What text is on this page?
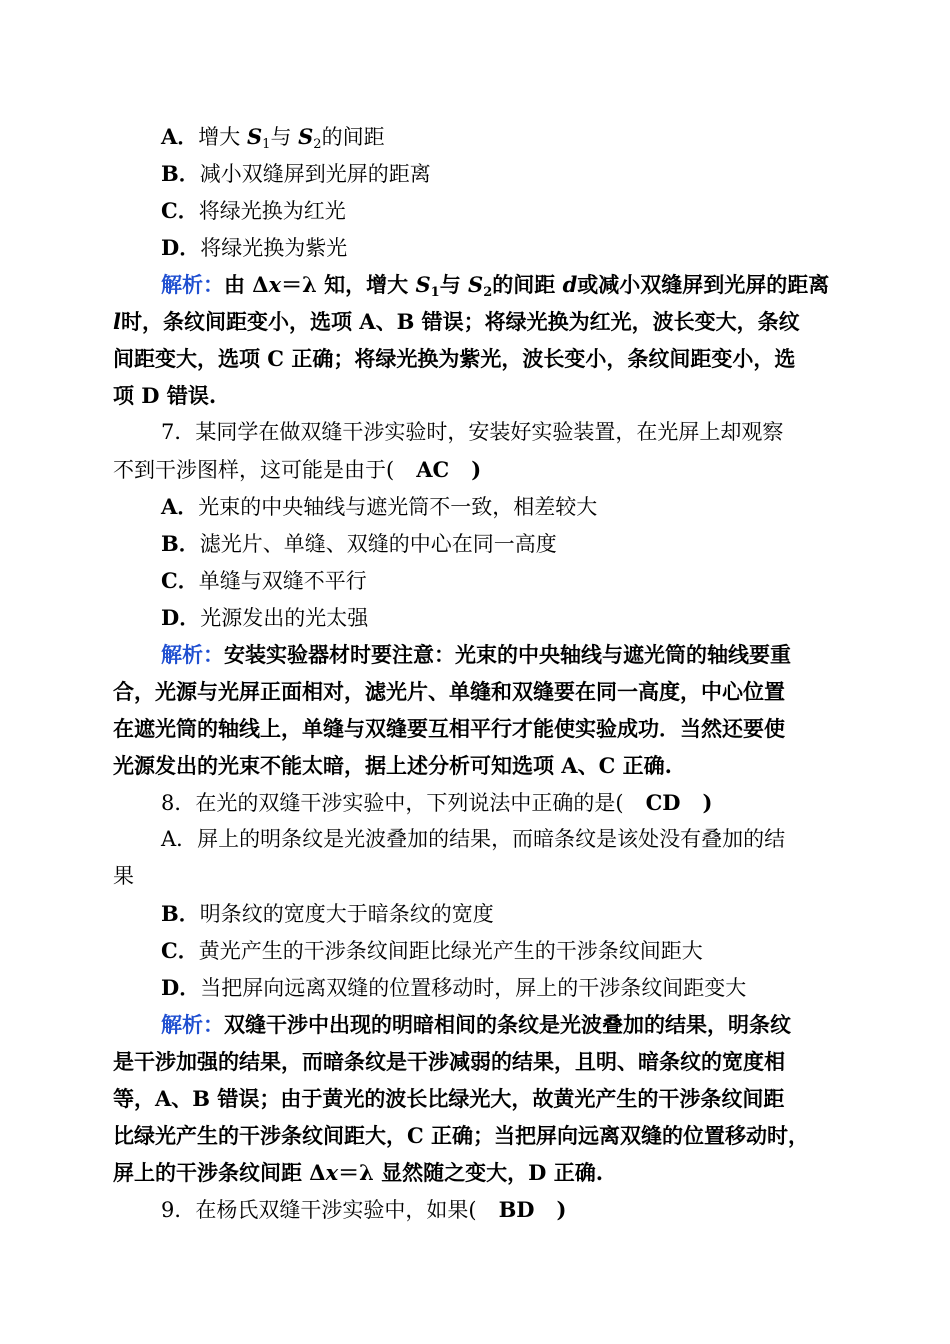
A．增大 $S_1$与 $S_2$的间距
B．减小双缝屏到光屏的距离
C．将绿光换为红光
D．将绿光换为紫光
解析：由 Δx＝λ 知，增大 $S_1$与 $S_2$的间距 d或减小双缝屏到光屏的距离
l时，条纹间距变小，选项 A、B 错误；将绿光换为红光，波长变大，条纹
间距变大，选项 C 正确；将绿光换为紫光，波长变小，条纹间距变小，选
项 D 错误.
7．某同学在做双缝干涉实验时，安装好实验装置，在光屏上却观察
不到干涉图样，这可能是由于( AC )
A．光束的中央轴线与遮光筒不一致，相差较大
B．滤光片、单缝、双缝的中心在同一高度
C．单缝与双缝不平行
D．光源发出的光太强
解析：安装实验器材时要注意：光束的中央轴线与遮光筒的轴线要重
合，光源与光屏正面相对，滤光片、单缝和双缝要在同一高度，中心位置
在遮光筒的轴线上，单缝与双缝要互相平行才能使实验成功．当然还要使
光源发出的光束不能太暗，据上述分析可知选项 A、C 正确.
8．在光的双缝干涉实验中，下列说法中正确的是( CD )
A．屏上的明条纹是光波叠加的结果，而暗条纹是该处没有叠加的结
果
B．明条纹的宽度大于暗条纹的宽度
C．黄光产生的干涉条纹间距比绿光产生的干涉条纹间距大
D．当把屏向远离双缝的位置移动时，屏上的干涉条纹间距变大
解析：双缝干涉中出现的明暗相间的条纹是光波叠加的结果，明条纹
是干涉加强的结果，而暗条纹是干涉减弱的结果，且明、暗条纹的宽度相
等，A、B 错误；由于黄光的波长比绿光大，故黄光产生的干涉条纹间距
比绿光产生的干涉条纹间距大，C 正确；当把屏向远离双缝的位置移动时，
屏上的干涉条纹间距 Δx＝λ 显然随之变大，D 正确.
9．在杨氏双缝干涉实验中，如果( BD )
